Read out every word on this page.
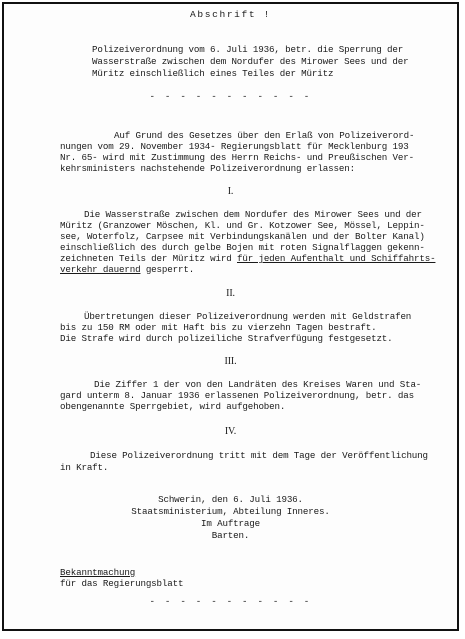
Abschrift !
Polizeiverordnung vom 6. Juli 1936, betr. die Sperrung der
Wasserstraße zwischen dem Nordufer des Mirower Sees und der
Müritz einschließlich eines Teiles der Müritz
- - - - - - - - - - -
Auf Grund des Gesetzes über den Erlaß von Polizeiverord-
nungen vom 29. November 1934- Regierungsblatt für Mecklenburg 193
Nr. 65- wird mit Zustimmung des Herrn Reichs- und Preußischen Ver-
kehrsministers nachstehende Polizeiverordnung erlassen:
I.
Die Wasserstraße zwischen dem Nordufer des Mirower Sees und der
Müritz (Granzower Möschen, Kl. und Gr. Kotzower See, Mössel, Leppin-
see, Woterfolz, Carpsee mit Verbindungskanälen und der Bolter Kanal)
einschließlich des durch gelbe Bojen mit roten Signalflaggen gekenn-
zeichneten Teils der Müritz wird für jeden Aufenthalt und Schiffahrts-
verkehr dauernd gesperrt.
II.
Übertretungen dieser Polizeiverordnung werden mit Geldstrafen
bis zu 150 RM oder mit Haft bis zu vierzehn Tagen bestraft.
Die Strafe wird durch polizeiliche Strafverfügung festgesetzt.
III.
Die Ziffer 1 der von den Landräten des Kreises Waren und Sta-
gard unterm 8. Januar 1936 erlassenen Polizeiverordnung, betr. das
obengenannte Sperrgebiet, wird aufgehoben.
IV.
Diese Polizeiverordnung tritt mit dem Tage der Veröffentlichung
in Kraft.
Schwerin, den 6. Juli 1936.
Staatsministerium, Abteilung Inneres.
Im Auftrage
Barten.
Bekanntmachung
für das Regierungsblatt
- - - - - - - - - - -
